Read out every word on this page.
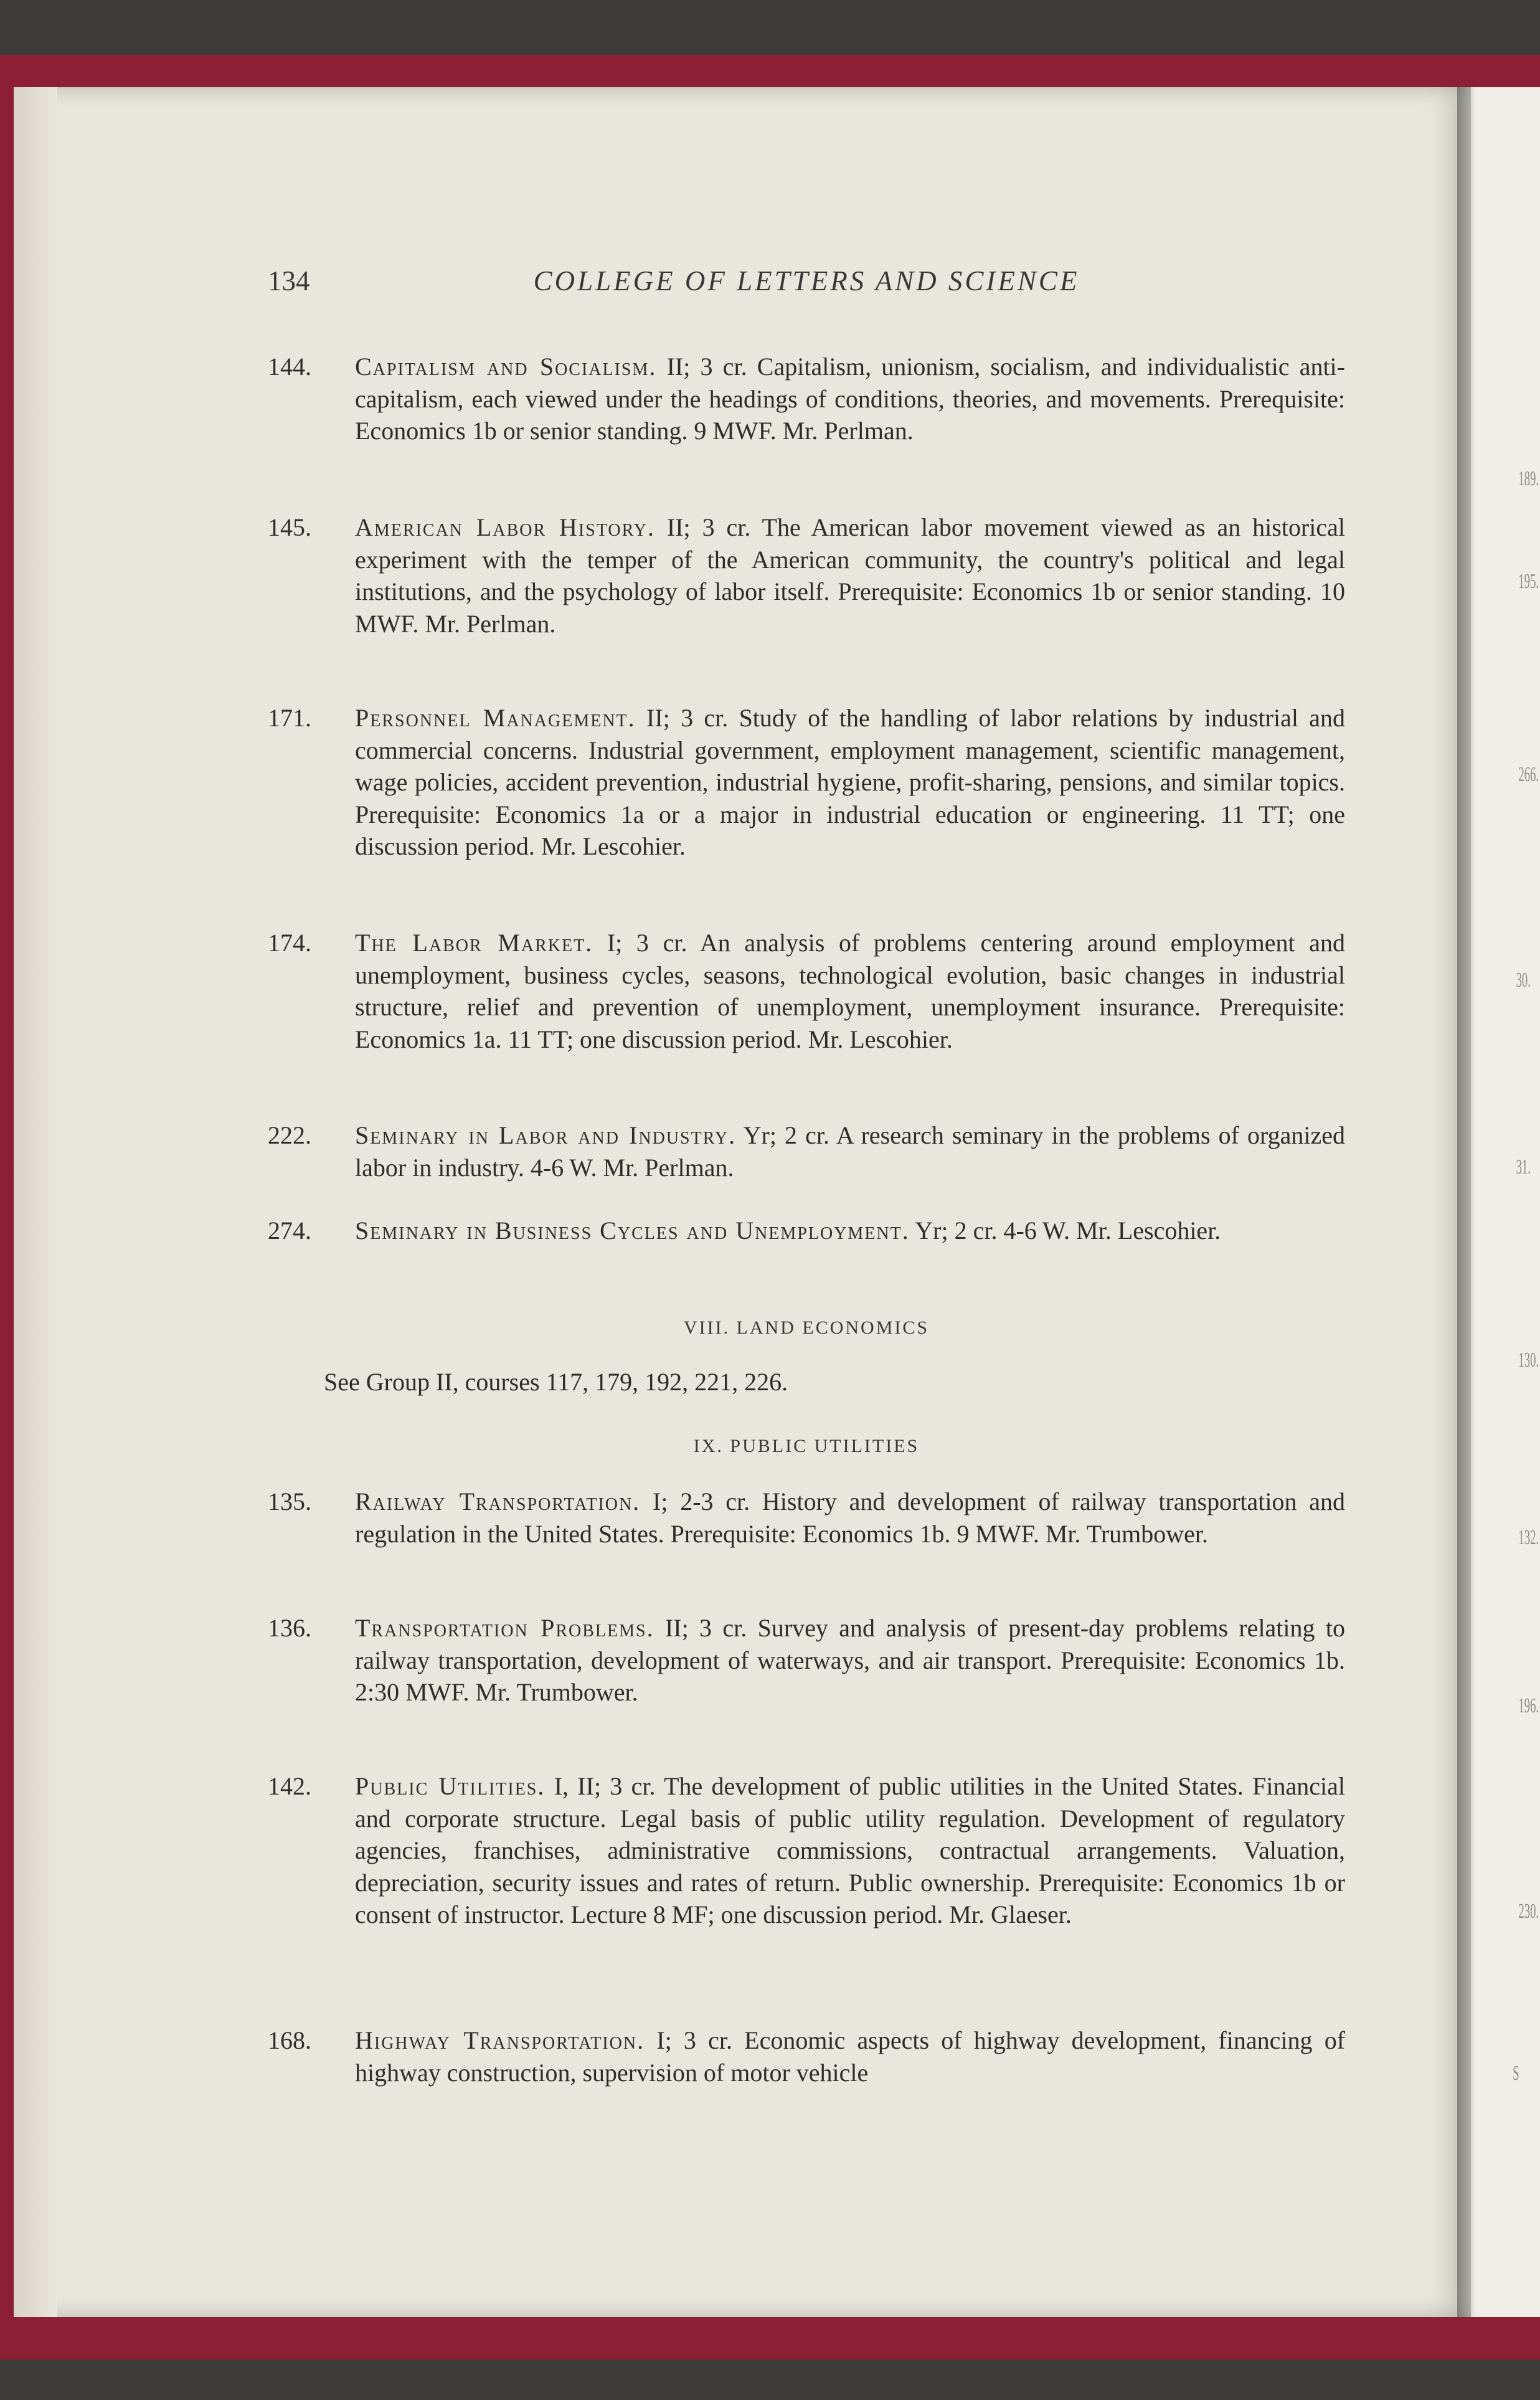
189.
195.
266.
30.
31.
130.
132.
196.
230.
S
134	COLLEGE OF LETTERS AND SCIENCE
144.	Capitalism and Socialism. II; 3 cr. Capitalism, unionism, socialism, and individualistic anti-capitalism, each viewed under the headings of conditions, theories, and movements. Prerequisite: Economics 1b or senior standing. 9 MWF. Mr. Perlman.
145.	American Labor History. II; 3 cr. The American labor movement viewed as an historical experiment with the temper of the American community, the country's political and legal institutions, and the psychology of labor itself. Prerequisite: Economics 1b or senior standing. 10 MWF. Mr. Perlman.
171.	Personnel Management. II; 3 cr. Study of the handling of labor relations by industrial and commercial concerns. Industrial government, employment management, scientific management, wage policies, accident prevention, industrial hygiene, profit-sharing, pensions, and similar topics. Prerequisite: Economics 1a or a major in industrial education or engineering. 11 TT; one discussion period. Mr. Lescohier.
174.	The Labor Market. I; 3 cr. An analysis of problems centering around employment and unemployment, business cycles, seasons, technological evolution, basic changes in industrial structure, relief and prevention of unemployment, unemployment insurance. Prerequisite: Economics 1a. 11 TT; one discussion period. Mr. Lescohier.
222.	Seminary in Labor and Industry. Yr; 2 cr. A research seminary in the problems of organized labor in industry. 4-6 W. Mr. Perlman.
274.	Seminary in Business Cycles and Unemployment. Yr; 2 cr. 4-6 W. Mr. Lescohier.
VIII. LAND ECONOMICS
See Group II, courses 117, 179, 192, 221, 226.
IX. PUBLIC UTILITIES
135.	Railway Transportation. I; 2-3 cr. History and development of railway transportation and regulation in the United States. Prerequisite: Economics 1b. 9 MWF. Mr. Trumbower.
136.	Transportation Problems. II; 3 cr. Survey and analysis of present-day problems relating to railway transportation, development of waterways, and air transport. Prerequisite: Economics 1b. 2:30 MWF. Mr. Trumbower.
142.	Public Utilities. I, II; 3 cr. The development of public utilities in the United States. Financial and corporate structure. Legal basis of public utility regulation. Development of regulatory agencies, franchises, administrative commissions, contractual arrangements. Valuation, depreciation, security issues and rates of return. Public ownership. Prerequisite: Economics 1b or consent of instructor. Lecture 8 MF; one discussion period. Mr. Glaeser.
168.	Highway Transportation. I; 3 cr. Economic aspects of highway development, financing of highway construction, supervision of motor vehicle
